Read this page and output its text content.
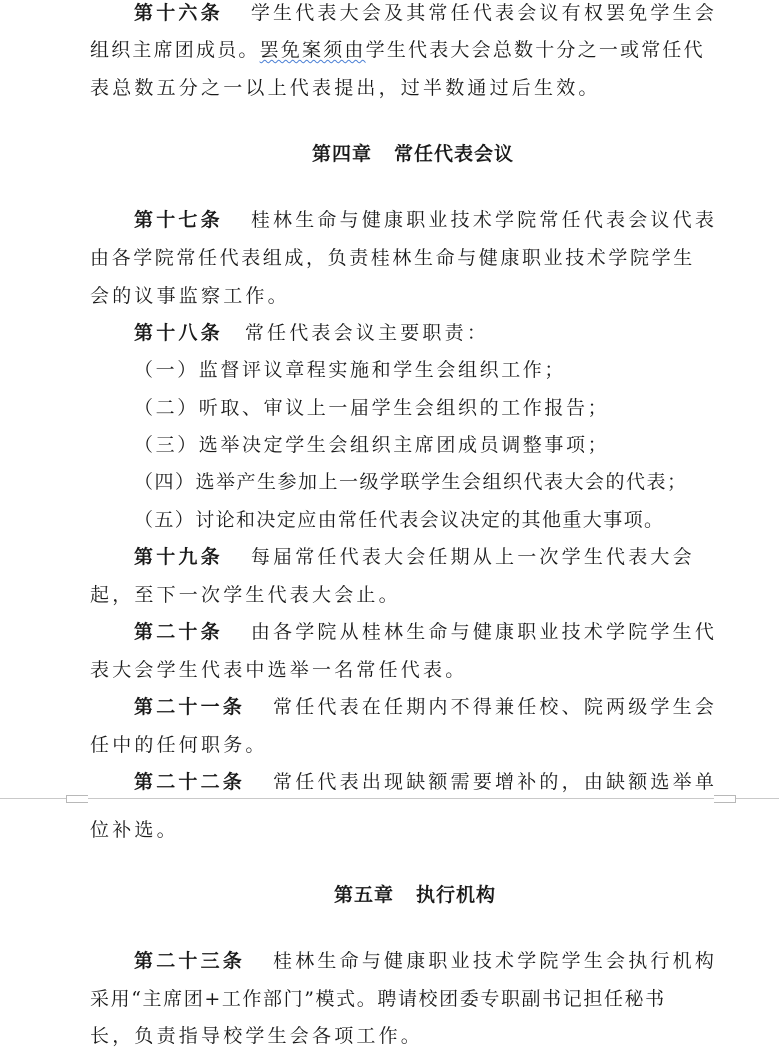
第十六条 学生代表大会及其常任代表会议有权罢免学生会
组织主席团成员。罢免案须由学生代表大会总数十分之一或常任代
表总数五分之一以上代表提出，过半数通过后生效。
第四章 常任代表会议
第十七条 桂林生命与健康职业技术学院常任代表会议代表
由各学院常任代表组成，负责桂林生命与健康职业技术学院学生
会的议事监察工作。
第十八条 常任代表会议主要职责：
（一）监督评议章程实施和学生会组织工作；
（二）听取、审议上一届学生会组织的工作报告；
（三）选举决定学生会组织主席团成员调整事项；
（四）选举产生参加上一级学联学生会组织代表大会的代表；
（五）讨论和决定应由常任代表会议决定的其他重大事项。
第十九条 每届常任代表大会任期从上一次学生代表大会
起，至下一次学生代表大会止。
第二十条 由各学院从桂林生命与健康职业技术学院学生代
表大会学生代表中选举一名常任代表。
第二十一条 常任代表在任期内不得兼任校、院两级学生会
任中的任何职务。
第二十二条 常任代表出现缺额需要增补的，由缺额选举单
位补选。
第五章 执行机构
第二十三条 桂林生命与健康职业技术学院学生会执行机构
采用“主席团+工作部门”模式。聘请校团委专职副书记担任秘书
长，负责指导校学生会各项工作。
